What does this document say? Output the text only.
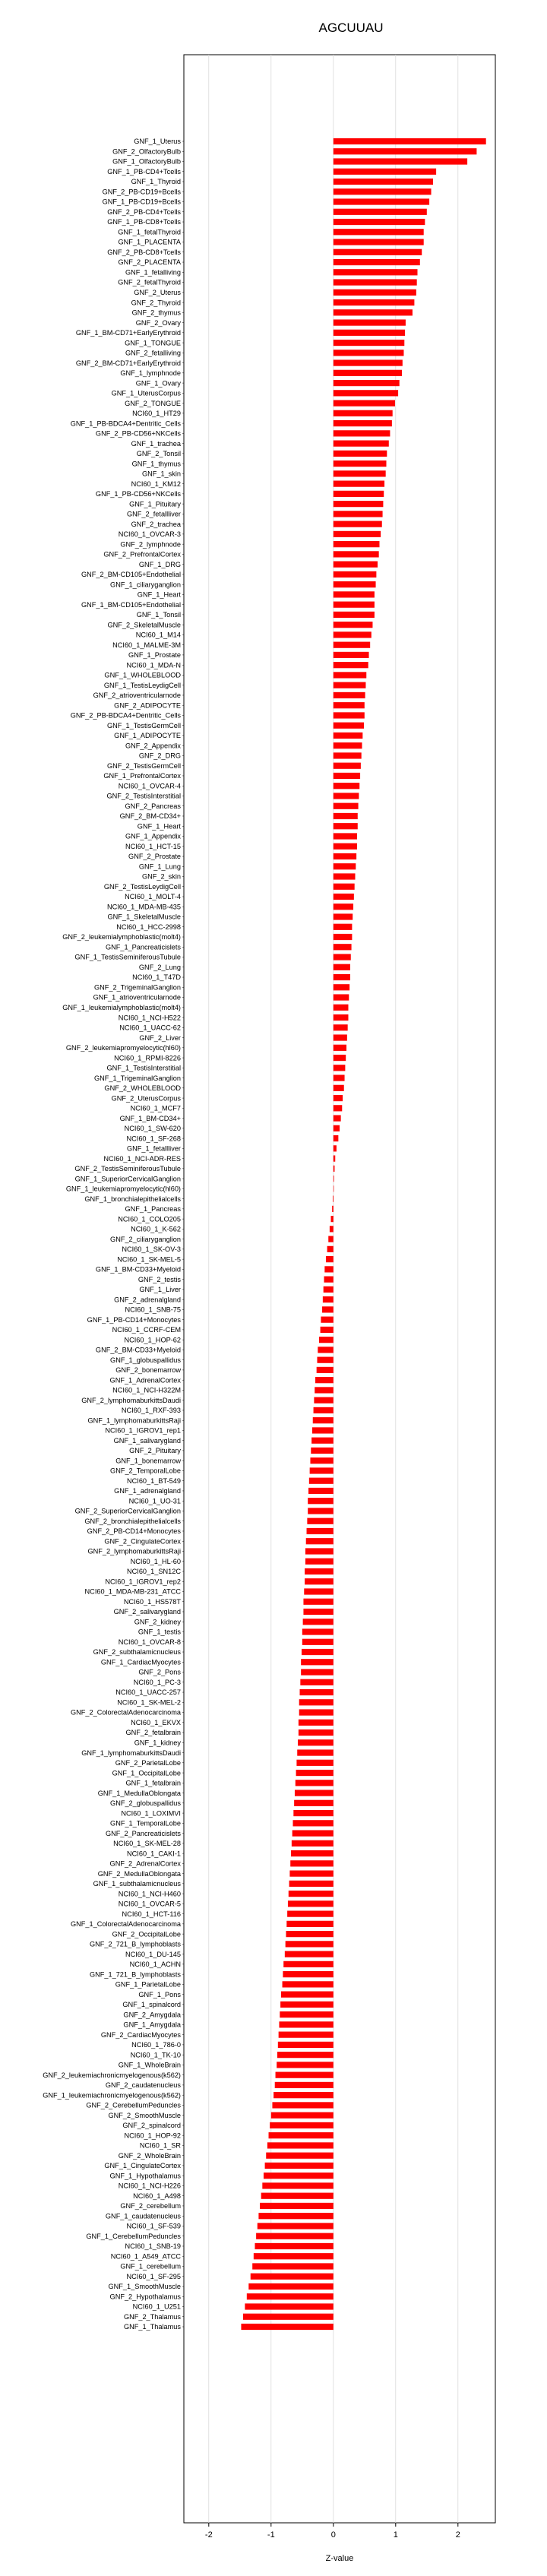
AGCUUAU
GNF_1_Uterus
GNF_2_OlfactoryBulb
GNF_1_OlfactoryBulb
GNF_1_PB-CD4+Tcells
GNF_1_Thyroid
GNF_2_PB-CD19+Bcells
GNF_1_PB-CD19+Bcells
GNF_2_PB-CD4+Tcells
GNF_1_PB-CD8+Tcells
GNF_1_fetalThyroid
GNF_1_PLACENTA
GNF_2_PB-CD8+Tcells
GNF_2_PLACENTA
GNF_1_fetalliving
GNF_2_fetalThyroid
GNF_2_Uterus
GNF_2_Thyroid
GNF_2_thymus
GNF_2_Ovary
GNF_1_BM-CD71+EarlyErythroid
GNF_1_TONGUE
GNF_2_fetalliving
GNF_2_BM-CD71+EarlyErythroid
GNF_1_lymphnode
GNF_1_Ovary
GNF_1_UterusCorpus
GNF_2_TONGUE
NCI60_1_HT29
GNF_1_PB-BDCA4+Dentritic_Cells
GNF_2_PB-CD56+NKCells
GNF_1_trachea
GNF_2_Tonsil
GNF_1_thymus
GNF_1_skin
NCI60_1_KM12
GNF_1_PB-CD56+NKCells
GNF_1_Pituitary
GNF_2_fetallliver
GNF_2_trachea
NCI60_1_OVCAR-3
GNF_2_lymphnode
GNF_2_PrefrontalCortex
GNF_1_DRG
GNF_2_BM-CD105+Endothelial
GNF_1_ciliaryganglion
GNF_1_Heart
GNF_1_BM-CD105+Endothelial
GNF_1_Tonsil
GNF_2_SkeletalMuscle
NCI60_1_M14
NCI60_1_MALME-3M
GNF_1_Prostate
NCI60_1_MDA-N
GNF_1_WHOLEBLOOD
GNF_1_TestisLeydigCell
GNF_2_atrioventricularnode
GNF_2_ADIPOCYTE
GNF_2_PB-BDCA4+Dentritic_Cells
GNF_1_TestisGermCell
GNF_1_ADIPOCYTE
GNF_2_Appendix
GNF_2_DRG
GNF_2_TestisGermCell
GNF_1_PrefrontalCortex
NCI60_1_OVCAR-4
GNF_2_TestisInterstitial
GNF_2_Pancreas
GNF_2_BM-CD34+
GNF_1_Heart
GNF_1_Appendix
NCI60_1_HCT-15
GNF_2_Prostate
GNF_1_Lung
GNF_2_skin
GNF_2_TestisLeydigCell
NCI60_1_MOLT-4
NCI60_1_MDA-MB-435
GNF_1_SkeletalMuscle
NCI60_1_HCC-2998
GNF_2_leukemialymphoblastic(molt4)
GNF_1_Pancreaticislets
GNF_1_TestisSeminiferousTubule
GNF_2_Lung
NCI60_1_T47D
GNF_2_TrigeminalGanglion
GNF_1_atrioventricularnode
GNF_1_leukemialymphoblastic(molt4)
NCI60_1_NCI-H522
NCI60_1_UACC-62
GNF_2_Liver
GNF_2_leukemiapromyelocytic(hl60)
NCI60_1_RPMI-8226
GNF_1_TestisInterstitial
GNF_1_TrigeminalGanglion
GNF_2_WHOLEBLOOD
GNF_2_UterusCorpus
NCI60_1_MCF7
GNF_1_BM-CD34+
NCI60_1_SW-620
NCI60_1_SF-268
GNF_1_fetallliver
NCI60_1_NCI-ADR-RES
GNF_2_TestisSeminiferousTubule
GNF_1_SuperiorCervicalGanglion
GNF_1_leukemiapromyelocytic(hl60)
GNF_1_bronchialepithelialcells
GNF_1_Pancreas
NCI60_1_COLO205
NCI60_1_K-562
GNF_2_ciliaryganglion
NCI60_1_SK-OV-3
NCI60_1_SK-MEL-5
GNF_1_BM-CD33+Myeloid
GNF_2_testis
GNF_1_Liver
GNF_2_adrenalgland
NCI60_1_SNB-75
GNF_1_PB-CD14+Monocytes
NCI60_1_CCRF-CEM
NCI60_1_HOP-62
GNF_2_BM-CD33+Myeloid
GNF_1_globuspallidus
GNF_2_bonemarrow
GNF_1_AdrenalCortex
NCI60_1_NCI-H322M
GNF_2_lymphomaburkittsDaudi
NCI60_1_RXF-393
GNF_1_lymphomaburkittsRaji
NCI60_1_IGROV1_rep1
GNF_1_salivarygland
GNF_2_Pituitary
GNF_1_bonemarrow
GNF_2_TemporalLobe
NCI60_1_BT-549
GNF_1_adrenalgland
NCI60_1_UO-31
GNF_2_SuperiorCervicalGanglion
GNF_2_bronchialepithelialcells
GNF_2_PB-CD14+Monocytes
GNF_2_CingulateCortex
GNF_2_lymphomaburkittsRaji
NCI60_1_HL-60
NCI60_1_SN12C
NCI60_1_IGROV1_rep2
NCI60_1_MDA-MB-231_ATCC
NCI60_1_HS578T
GNF_2_salivarygland
GNF_2_kidney
GNF_1_testis
NCI60_1_OVCAR-8
GNF_2_subthalamicnucleus
GNF_1_CardiacMyocytes
GNF_2_Pons
NCI60_1_PC-3
NCI60_1_UACC-257
NCI60_1_SK-MEL-2
GNF_2_ColorectalAdenocarcinoma
NCI60_1_EKVX
GNF_2_fetalbrain
GNF_1_kidney
GNF_1_lymphomaburkittsDaudi
GNF_2_ParietalLobe
GNF_1_OccipitalLobe
GNF_1_fetalbrain
GNF_1_MedullaOblongata
GNF_2_globuspallidus
NCI60_1_LOXIMVI
GNF_1_TemporalLobe
GNF_2_Pancreaticislets
NCI60_1_SK-MEL-28
NCI60_1_CAKI-1
GNF_2_AdrenalCortex
GNF_2_MedullaOblongata
GNF_1_subthalamicnucleus
NCI60_1_NCI-H460
NCI60_1_OVCAR-5
NCI60_1_HCT-116
GNF_1_ColorectalAdenocarcinoma
GNF_2_OccipitalLobe
GNF_2_721_B_lymphoblasts
NCI60_1_DU-145
NCI60_1_ACHN
GNF_1_721_B_lymphoblasts
GNF_1_ParietalLobe
GNF_1_Pons
GNF_1_spinalcord
GNF_2_Amygdala
GNF_1_Amygdala
GNF_2_CardiacMyocytes
NCI60_1_786-0
NCI60_1_TK-10
GNF_1_WholeBrain
GNF_2_leukemiachronicmyelogenous(k562)
GNF_2_caudatenucleus
GNF_1_leukemiachronicmyelogenous(k562)
GNF_2_CerebellumPeduncles
GNF_2_SmoothMuscle
GNF_2_spinalcord
NCI60_1_HOP-92
NCI60_1_SR
GNF_2_WholeBrain
GNF_1_CingulateCortex
GNF_1_Hypothalamus
NCI60_1_NCI-H226
NCI60_1_A498
GNF_2_cerebellum
GNF_1_caudatenucleus
NCI60_1_SF-539
GNF_1_CerebellumPeduncles
NCI60_1_SNB-19
NCI60_1_A549_ATCC
GNF_1_cerebellum
NCI60_1_SF-295
GNF_1_SmoothMuscle
GNF_2_Hypothalamus
NCI60_1_U251
GNF_2_Thalamus
GNF_1_Thalamus
-2	-1	0	1	2
Z-value
